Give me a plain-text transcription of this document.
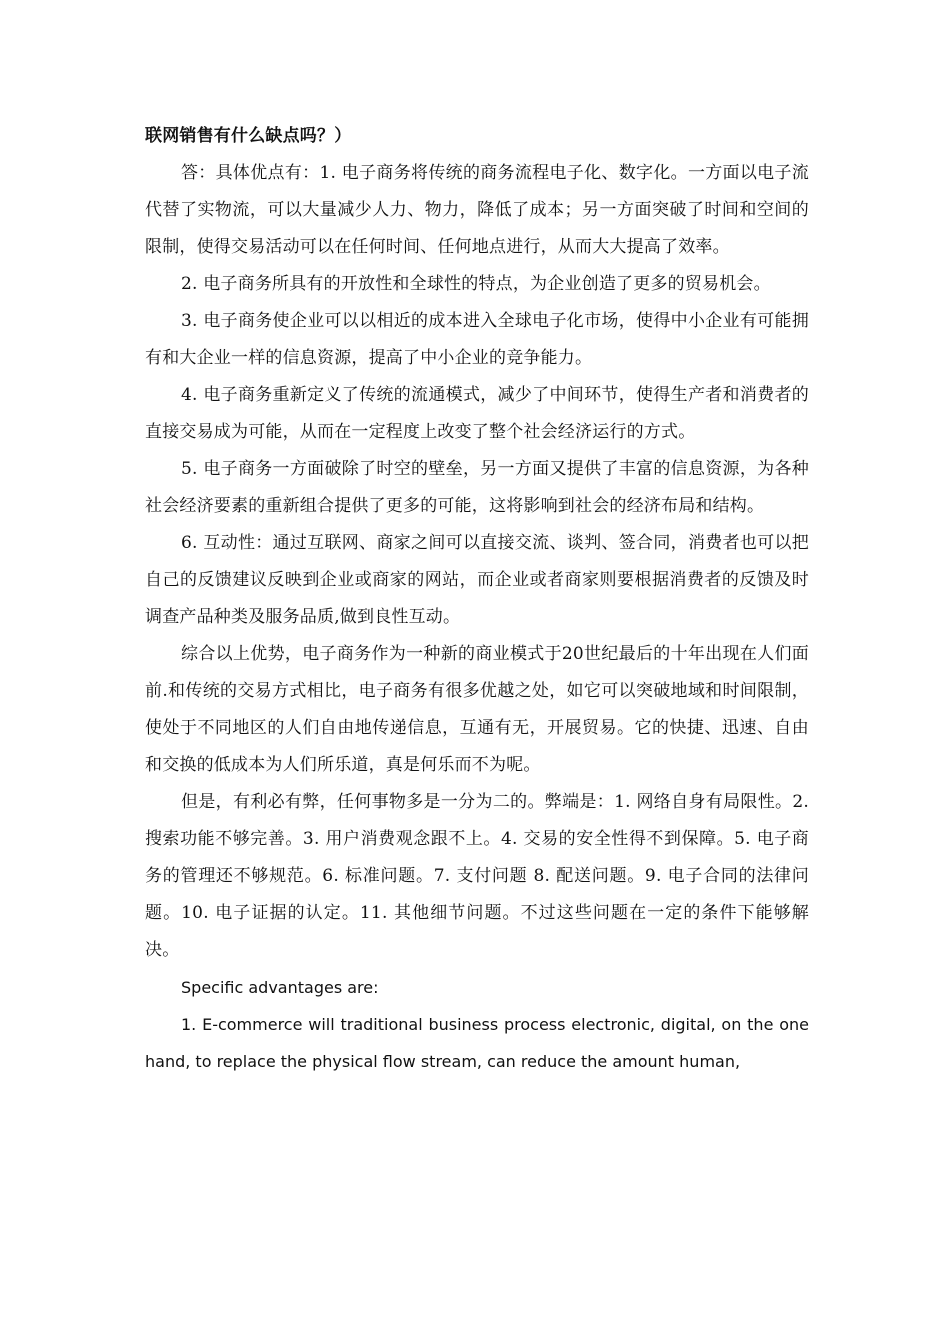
联网销售有什么缺点吗？）

答：具体优点有：1. 电子商务将传统的商务流程电子化、数字化。一方面以电子流代替了实物流，可以大量减少人力、物力，降低了成本；另一方面突破了时间和空间的限制，使得交易活动可以在任何时间、任何地点进行，从而大大提高了效率。

2. 电子商务所具有的开放性和全球性的特点，为企业创造了更多的贸易机会。

3. 电子商务使企业可以以相近的成本进入全球电子化市场，使得中小企业有可能拥有和大企业一样的信息资源，提高了中小企业的竞争能力。

4. 电子商务重新定义了传统的流通模式，减少了中间环节，使得生产者和消费者的直接交易成为可能，从而在一定程度上改变了整个社会经济运行的方式。

5. 电子商务一方面破除了时空的壁垒，另一方面又提供了丰富的信息资源，为各种社会经济要素的重新组合提供了更多的可能，这将影响到社会的经济布局和结构。

6. 互动性：通过互联网、商家之间可以直接交流、谈判、签合同，消费者也可以把自己的反馈建议反映到企业或商家的网站，而企业或者商家则要根据消费者的反馈及时调查产品种类及服务品质,做到良性互动。

综合以上优势，电子商务作为一种新的商业模式于20世纪最后的十年出现在人们面前.和传统的交易方式相比，电子商务有很多优越之处，如它可以突破地域和时间限制，使处于不同地区的人们自由地传递信息，互通有无，开展贸易。它的快捷、迅速、自由和交换的低成本为人们所乐道，真是何乐而不为呢。

但是，有利必有弊，任何事物多是一分为二的。弊端是：1. 网络自身有局限性。2. 搜索功能不够完善。3. 用户消费观念跟不上。4. 交易的安全性得不到保障。5. 电子商务的管理还不够规范。6. 标准问题。7. 支付问题 8. 配送问题。9. 电子合同的法律问题。10. 电子证据的认定。11. 其他细节问题。不过这些问题在一定的条件下能够解决。

Specific advantages are:

1. E-commerce will traditional business process electronic, digital, on the one hand, to replace the physical flow stream, can reduce the amount human,
